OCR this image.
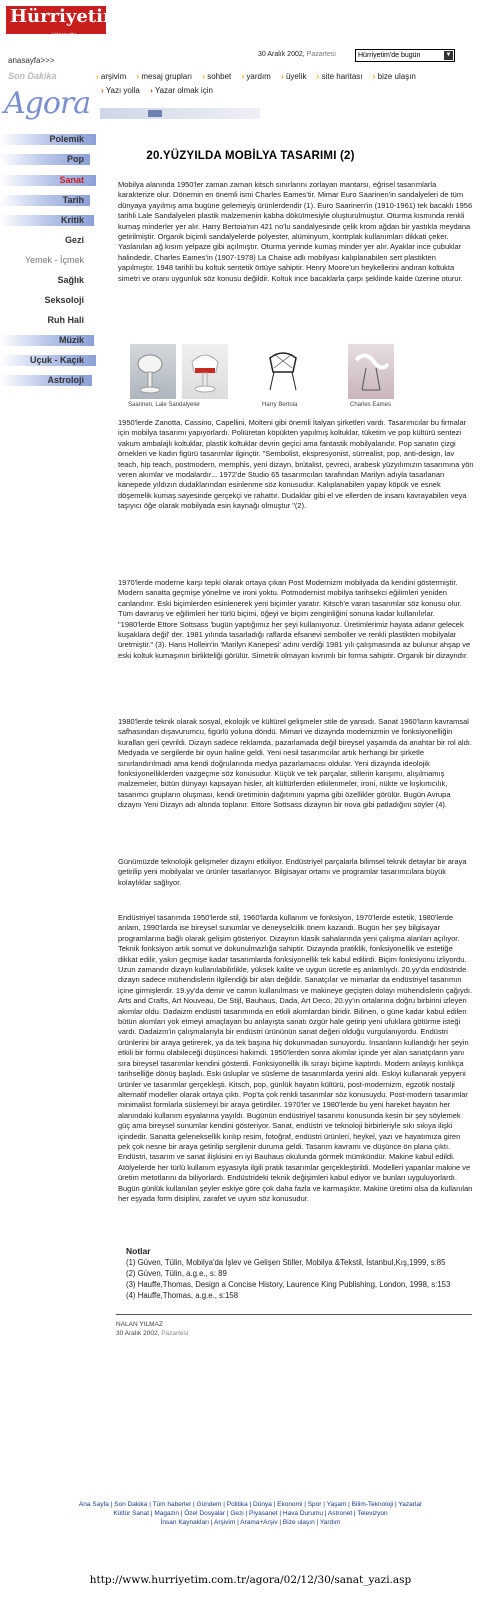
Hürriyetim
internette
30 Aralık 2002, Pazartesi	Hürriyetim'de bugün	▼
anasayfa>>>
Son Dakika
Agora
› arşivim › mesaj grupları › sohbet › yardım › üyelik › site haritası › bize ulaşın
› Yazı yolla › Yazar olmak için
Polemik
Pop
Sanat
Tarih
Kritik
Gezi
Yemek - İçmek
Sağlık
Seksoloji
Ruh Hali
Müzik
Uçuk - Kaçık
Astroloji
20.YÜZYILDA MOBİLYA TASARIMI (2)
Mobilya alanında 1950'ler zaman zaman kitsch sınırlarını zorlayan mantarsı, eğrisel tasarımlarla karakterize olur. Dönemin en önemli ismi Charles Eames'tir. Mimar Euro Saarinen'in sandalyeleri de tüm dünyaya yayılmış ama bugüne gelemeyiş ürünlerdendir (1). Euro Saarinen'in (1910-1961) tek bacaklı 1956 tarihli Lale Sandalyeleri plastik malzemenin kabha döküImesiyle oluşturulmuştur. Oturma kısmında renkli kumaş minderler yer alır. Harry Bertoia'nın 421 no'lu sandalyesinde çelik krom ağdan bir yastıkla meydana getirilmiştir. Organik biçimli sandalyelerde polyester, alüminyum, kontrplak kullanımları dikkati çeker. Yaslanılan ağ kısım yelpaze gibi açılmıştır. Oturma yerinde kumaş minder yer alır. Ayaklar ince çubuklar halindedir. Charles Eames'in (1907-1978) La Chaise adlı mobilyası kalıplanabilen sert plastikten yapılmıştır. 1948 tarihli bu koltuk sentetik örtüye sahiptir. Henry Moore'un heykellerini andıran koltukta simetri ve oranı uygunluk söz konusu değildir. Koltuk ince bacaklarla çarpı şeklinde kaide üzerine oturur.
Saarinen, Lale Sandalyeler	Harry Bertoia	Charles Eames
1950'lerde Zanotta, Cassino, Capellini, Molteni gibi önemli İtalyan şirketleri vardı. Tasarımcılar bu firmalar için mobilya tasarımı yapıyorlardı. Poliüretan köpükten yapılmış koltuklar, tüketim ve pop kültürü sentezi vakum ambalajlı koltuklar, plastik koltuklar devrin geçici ama fantastik mobilyalarıdır. Pop sanatın çizgi örnekleri ve kadın figürü tasarımlar ilginçtir. "Sembolist, ekspresyonist, sürrealist, pop, anti-design, lav teach, hip teach, postmodern, memphis, yeni dizayn, brütalist, çevreci, arabesk yüzyılımızın tasarımına yön veren akımlar ve modalardır... 1972'de Studio 65 tasarımcıları tarafından Marilyn adıyla tasarlanan kanepede yıldızın dudaklarından esinlenme söz konusudur. Kalıplanabilen yapay köpük ve esnek döşemelik kumaş sayesinde gerçekçi ve rahattır. Dudaklar gibi el ve ellerden de insanı kavrayabilen veya taşıyıcı öğe olarak mobilyada esin kaynağı olmuştur "(2).
1970'lerde moderne karşı tepki olarak ortaya çıkan Post Modernizm mobilyada da kendini göstermiştir. Modern sanatta geçmişe yönelme ve ironi yoktu. Potmodernist mobilya tarihsekci eğilimleri yeniden canlandırır. Eski biçimlerden esinlenerek yeni biçimler yaratır. Kitsch'e varan tasarımlar söz konusu olur. Tüm davranış ve eğilimleri her türlü biçimi, öğeyi ve biçim zenginliğini sonuna kadar kullanılırlar. "1980'lerde Ettore Sottsass 'bugün yaptığımız her şeyi kullanıyoruz. Üretimlerimiz hayata adanır gelecek kuşaklara değil' der. 1981 yılında tasarladığı raflarda efsanevi semboller ve renkli plastikten mobilyalar üretmiştir." (3). Hans Hollein'in 'Marilyn Kanepesi' adını verdiği 1981 yılı çalışmasında az bulunur ahşap ve eski koltuk kumaşının birlikteliği görülür. Simetrik olmayan kıvrımlı bir forma sahiptir. Organik bir dizayndır.
1980'lerde teknik olarak sosyal, ekolojik ve kültürel gelişmeler stile de yansıdı. Sanat 1960'ların kavramsal safhasından dışavurumcu, figürlü yoluna döndü. Mimari ve dizaynda modernizmin ve fonksiyonelliğin kuralları geri çevrildi. Dizayn sadece reklamda, pazarlamada değil bireysel yaşamda da anahtar bir rol aldı. Medyada ve sergilerde bir oyun haline geldi. Yeni nesil tasarımcılar artık herhangi bir şirketle sınırlandırılmadı ama kendi doğrularında medya pazarlamacısı oldular. Yeni dizaynda ideolojik fonksiyonelliklerden vazgeçme söz konusudur. Küçük ve tek parçalar, stillerin karışımı, alışılmamış malzemeler, bütün dünyayı kapsayan hisler, alt kültürlerden etkilenmeler, ironi, nükte ve kışkırtıcılık, tasarımcı grupların oluşması, kendi üretiminin dağıtımını yapma gibi özellikler görülür. Bugün Avrupa dizaynı Yeni Dizayn adı altında toplanır. Ettore Sottsass dizaynın bir nova gibi patladığını söyler (4).
Günümüzde teknolojik gelişmeler dizaynı etkiliyor. Endüstriyel parçalarla bilimsel teknik detaylar bir araya getirilip yeni mobilyalar ve ürünler tasarlanıyor. Bilgisayar ortamı ve programlar tasarımcılara büyük kolaylıklar sağlıyor.
Endüstriyel tasarımda 1950'lerde stil, 1960'larda kullanım ve fonksiyon, 1970'lerde estetik, 1980'lerde anlam, 1990'larda ise bireysel sunumlar ve deneyselcilik önem kazandı. Bugün her şey bilgisayar programlarına bağlı olarak gelişim gösteriyor. Dizaynın klasik sahalarında yeni çalışma alanları açılıyor. Teknik fonksiyon artık somut ve dokunulmazlığa sahiptir. Dizaynda pratiklik, fonksiyonellik ve estetiğe dikkat edilir, yakın geçmişe kadar tasarımlarda fonksiyonellik tek kabul edilirdi. Biçim fonksiyonu izliyordu. Uzun zamandır dizayn kullanılabilirlikle, yüksek kalite ve uygun ücretle eş anlamlıydı. 20.yy'da endüstride dizayn sadece mühendislerin ilgilendiği bir alan değildir. Sanatçılar ve mimarlar da endüstriyel tasarımın içine girmişlerdir. 19.yy'da demir ve camın kullanılması ve makineye geçişten dolayı mühendislerin çağıydı. Arts and Crafts, Art Nouveau, De Stijl, Bauhaus, Dada, Art Deco, 20.yy'ın ortalarına doğru birbirini izleyen akımlar oldu. Dadaizm endüstri tasarımında en etkili akımlardan biridir. Bilinen, o güne kadar kabul edilen bütün akımları yok etmeyi amaçlayan bu anlayışta sanatı özgür hale getirip yeni ufuklara götürme isteği vardı. Dadaizm'in çalışmalarıyla bir endüstri ürününün sanat değeri olduğu vurgulanıyordu. Endüstri ürünlerini bir araya getirerek, ya da tek başına hiç dokunmadan sunuyordu. İnsanların kullandığı her şeyin etkili bir formu olabileceği düşüncesi hakimdi. 1950'lerden sonra akımlar içinde yer alan sanatçıların yanı sıra bireysel tasarımlar kendini gösterdi. Fonksiyonellik ilk sırayı biçime kaptırdı. Modern anlayış kırılıkça tarihselliğe dönüş başladı. Eski üsluplar ve süsleme de tasarımlarda yerini aldı. Eskiyi kullanarak yepyeni ürünler ve tasarımlar gerçekleşti. Kitsch, pop, günlük hayatın kültürü, post-modernizm, egzotik nostalji alternatif modeller olarak ortaya çıktı. Pop'ta çok renkli tasarımlar söz konusuydu. Post-modern tasarımlar minimalist formlarla süslemeyi bir araya getirdiler. 1970'ler ve 1980'lerde bu yeni hareket hayatın her alanındaki kullanım eşyalarına yayıldı. Bugünün endüstriyel tasarımı konusunda kesin bir şey söylemek güç ama bireysel sunumlar kendini gösteriyor. Sanat, endüstri ve teknoloji birbirleriyle sıkı sıkıya ilişki içindedir. Sanatta geleneksellik kırılıp resim, fotoğraf, endüstri ürünleri, heykel, yazı ve hayatımıza giren pek çok nesne bir araya getirilip sergilenir duruma geldi. Tasarım kavramı ve düşünce ön plana çıktı. Endüstri, tasarım ve sanat ilişkisini en iyi Bauhaus okulunda görmek mümkündür. Makine kabul edildi. Atölyelerde her türlü kullanım eşyasıyla ilgili pratik tasarımlar gerçekleştirildi. Modelleri yapanlar makine ve üretim metotlarını da biliyorlardı. Endüstrideki teknik değişimleri kabul ediyor ve bunları uyguluyorlardı. Bugün günlük kullanılan şeyler eskiye göre çok daha fazla ve karmaşıktır. Makine üretimi olsa da kullanılan her eşyada form disiplini, zarafet ve uyum söz konusudur.
Notlar
(1) Güven, Tülin, Mobilya'da İşlev ve Gelişen Stiller, Mobilya &Tekstil, İstanbul,Kış,1999, s:85
(2) Güven, Tülin, a.g.e., s: 89
(3) Hauffe,Thomas, Design a Concise History, Laurence King Publishing, London, 1998, s:153
(4) Hauffe,Thomas, a.g.e., s:158
NALAN YILMAZ
30 Aralık 2002, Pazartesi
Ana Sayfa | Son Dakika | Tüm haberler | Gündem | Politika | Dünya | Ekonomi | Spor | Yaşam | Bilim-Teknoloji | Yazarlar
Kültür Sanat | Magazin | Özel Dosyalar | Gezi | Piyasanet | Hava Durumu | Astronet | Televizyon
İnsan Kaynakları | Arşivim | Arama+Arşiv | Bize ulaşın | Yardım
http://www.hurriyetim.com.tr/agora/02/12/30/sanat_yazi.asp
